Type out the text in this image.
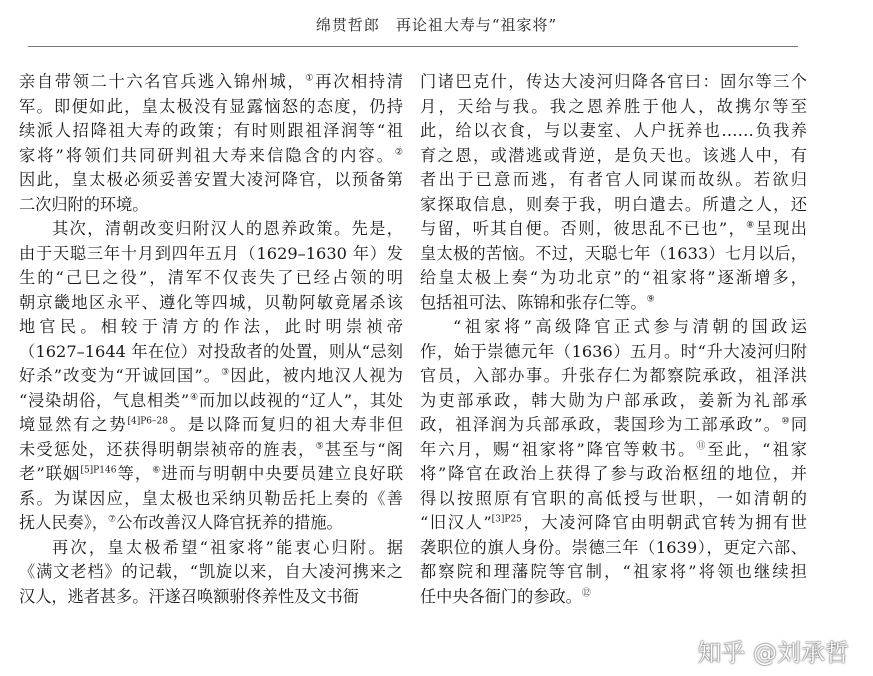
绵贯哲郎 再论祖大寿与“祖家将”
亲自带领二十六名官兵逃入锦州城，①再次相持清
军。即便如此，皇太极没有显露恼怒的态度，仍持
续派人招降祖大寿的政策；有时则跟祖泽润等“祖
家将”将领们共同研判祖大寿来信隐含的内容。②
因此，皇太极必须妥善安置大凌河降官，以预备第
二次归附的环境。
其次，清朝改变归附汉人的恩养政策。先是，
由于天聪三年十月到四年五月（1629–1630 年）发
生的“己巳之役”，清军不仅丧失了已经占领的明
朝京畿地区永平、遵化等四城，贝勒阿敏竟屠杀该
地官民。相较于清方的作法，此时明崇祯帝
（1627–1644 年在位）对投敌者的处置，则从“忌刻
好杀”改变为“开诚回国”。③因此，被内地汉人视为
“浸染胡俗，气息相类”④而加以歧视的“辽人”，其处
境显然有之势$^{[4]P6-28}$。是以降而复归的祖大寿非但
未受惩处，还获得明朝崇祯帝的旌表，⑤甚至与“阁
老”联姻$^{[5]P146}$等，⑥进而与明朝中央要员建立良好联
系。为谋因应，皇太极也采纳贝勒岳托上奏的《善
抚人民奏》，⑦公布改善汉人降官抚养的措施。
再次，皇太极希望“祖家将”能衷心归附。据
《满文老档》的记载，“凯旋以来，自大凌河携来之
汉人，逃者甚多。汗遂召唤额驸佟养性及文书衙
门诸巴克什，传达大凌河归降各官曰：固尔等三个
月，天给与我。我之恩养胜于他人，故携尔等至
此，给以衣食，与以妻室、人户抚养也……负我养
育之恩，或潜逃或背逆，是负天也。该逃人中，有
者出于已意而逃，有者官人同谋而故纵。若欲归
家探取信息，则奏于我，明白遣去。所遣之人，还
与留，听其自便。否则，彼思乱不已也”，⑧呈现出
皇太极的苦恼。不过，天聪七年（1633）七月以后，
给皇太极上奏“为功北京”的“祖家将”逐渐增多，
包括祖可法、陈锦和张存仁等。⑨
“祖家将”高级降官正式参与清朝的国政运
作，始于崇德元年（1636）五月。时“升大凌河归附
官员，入部办事。升张存仁为都察院承政，祖泽洪
为吏部承政，韩大勋为户部承政，姜新为礼部承
政，祖泽润为兵部承政，裴国珍为工部承政”。⑩同
年六月，赐“祖家将”降官等敕书。⑪至此，“祖家
将”降官在政治上获得了参与政治枢纽的地位，并
得以按照原有官职的高低授与世职，一如清朝的
“旧汉人”$^{[3]P25}$，大凌河降官由明朝武官转为拥有世
袭职位的旗人身份。崇德三年（1639），更定六部、
都察院和理藩院等官制，“祖家将”将领也继续担
任中央各衙门的参政。⑫
知乎 @刘承哲
